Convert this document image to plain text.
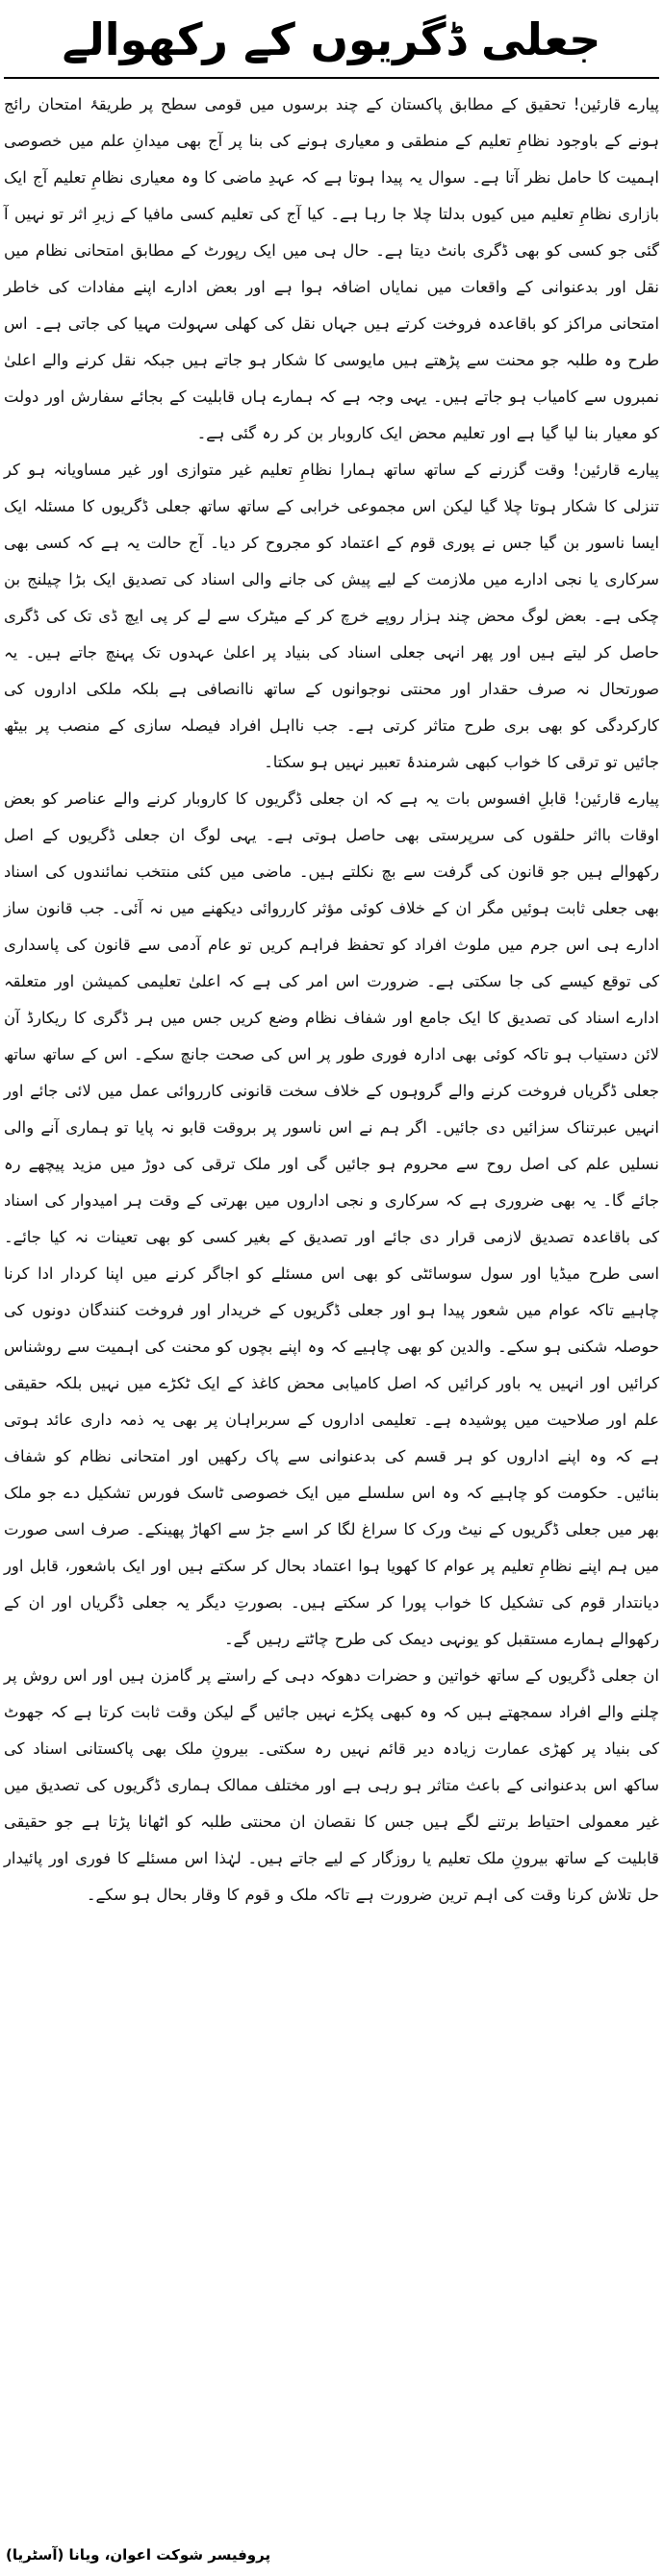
جعلی ڈگریوں کے رکھوالے

پیارے قارئین! تحقیق کے مطابق پاکستان کے چند برسوں میں قومی سطح پر طریقۂ امتحان رائج ہونے کے باوجود نظامِ تعلیم کے منطقی و معیاری ہونے کی بنا پر آج بھی میدانِ علم میں خصوصی اہمیت کا حامل نظر آتا ہے۔ سوال یہ پیدا ہوتا ہے کہ عہدِ ماضی کا وہ معیاری نظامِ تعلیم آج ایک بازاری نظامِ تعلیم میں کیوں بدلتا چلا جا رہا ہے۔ کیا آج کی تعلیم کسی مافیا کے زیرِ اثر تو نہیں آ گئی جو کسی کو بھی ڈگری بانٹ دیتا ہے۔ حال ہی میں ایک رپورٹ کے مطابق امتحانی نظام میں نقل اور بدعنوانی کے واقعات میں نمایاں اضافہ ہوا ہے اور بعض ادارے اپنے مفادات کی خاطر امتحانی مراکز کو باقاعدہ فروخت کرتے ہیں جہاں نقل کی کھلی سہولت مہیا کی جاتی ہے۔ اس طرح وہ طلبہ جو محنت سے پڑھتے ہیں مایوسی کا شکار ہو جاتے ہیں جبکہ نقل کرنے والے اعلیٰ نمبروں سے کامیاب ہو جاتے ہیں۔ یہی وجہ ہے کہ ہمارے ہاں قابلیت کے بجائے سفارش اور دولت کو معیار بنا لیا گیا ہے اور تعلیم محض ایک کاروبار بن کر رہ گئی ہے۔

پیارے قارئین! وقت گزرنے کے ساتھ ساتھ ہمارا نظامِ تعلیم غیر متوازی اور غیر مساویانہ ہو کر تنزلی کا شکار ہوتا چلا گیا لیکن اس مجموعی خرابی کے ساتھ ساتھ جعلی ڈگریوں کا مسئلہ ایک ایسا ناسور بن گیا جس نے پوری قوم کے اعتماد کو مجروح کر دیا۔ آج حالت یہ ہے کہ کسی بھی سرکاری یا نجی ادارے میں ملازمت کے لیے پیش کی جانے والی اسناد کی تصدیق ایک بڑا چیلنج بن چکی ہے۔ بعض لوگ محض چند ہزار روپے خرچ کر کے میٹرک سے لے کر پی ایچ ڈی تک کی ڈگری حاصل کر لیتے ہیں اور پھر انہی جعلی اسناد کی بنیاد پر اعلیٰ عہدوں تک پہنچ جاتے ہیں۔ یہ صورتحال نہ صرف حقدار اور محنتی نوجوانوں کے ساتھ ناانصافی ہے بلکہ ملکی اداروں کی کارکردگی کو بھی بری طرح متاثر کرتی ہے۔ جب نااہل افراد فیصلہ سازی کے منصب پر بیٹھ جائیں تو ترقی کا خواب کبھی شرمندۂ تعبیر نہیں ہو سکتا۔

پیارے قارئین! قابلِ افسوس بات یہ ہے کہ ان جعلی ڈگریوں کا کاروبار کرنے والے عناصر کو بعض اوقات بااثر حلقوں کی سرپرستی بھی حاصل ہوتی ہے۔ یہی لوگ ان جعلی ڈگریوں کے اصل رکھوالے ہیں جو قانون کی گرفت سے بچ نکلتے ہیں۔ ماضی میں کئی منتخب نمائندوں کی اسناد بھی جعلی ثابت ہوئیں مگر ان کے خلاف کوئی مؤثر کارروائی دیکھنے میں نہ آئی۔ جب قانون ساز ادارے ہی اس جرم میں ملوث افراد کو تحفظ فراہم کریں تو عام آدمی سے قانون کی پاسداری کی توقع کیسے کی جا سکتی ہے۔ ضرورت اس امر کی ہے کہ اعلیٰ تعلیمی کمیشن اور متعلقہ ادارے اسناد کی تصدیق کا ایک جامع اور شفاف نظام وضع کریں جس میں ہر ڈگری کا ریکارڈ آن لائن دستیاب ہو تاکہ کوئی بھی ادارہ فوری طور پر اس کی صحت جانچ سکے۔ اس کے ساتھ ساتھ جعلی ڈگریاں فروخت کرنے والے گروہوں کے خلاف سخت قانونی کارروائی عمل میں لائی جائے اور انہیں عبرتناک سزائیں دی جائیں۔ اگر ہم نے اس ناسور پر بروقت قابو نہ پایا تو ہماری آنے والی نسلیں علم کی اصل روح سے محروم ہو جائیں گی اور ملک ترقی کی دوڑ میں مزید پیچھے رہ جائے گا۔ یہ بھی ضروری ہے کہ سرکاری و نجی اداروں میں بھرتی کے وقت ہر امیدوار کی اسناد کی باقاعدہ تصدیق لازمی قرار دی جائے اور تصدیق کے بغیر کسی کو بھی تعینات نہ کیا جائے۔ اسی طرح میڈیا اور سول سوسائٹی کو بھی اس مسئلے کو اجاگر کرنے میں اپنا کردار ادا کرنا چاہیے تاکہ عوام میں شعور پیدا ہو اور جعلی ڈگریوں کے خریدار اور فروخت کنندگان دونوں کی حوصلہ شکنی ہو سکے۔ والدین کو بھی چاہیے کہ وہ اپنے بچوں کو محنت کی اہمیت سے روشناس کرائیں اور انہیں یہ باور کرائیں کہ اصل کامیابی محض کاغذ کے ایک ٹکڑے میں نہیں بلکہ حقیقی علم اور صلاحیت میں پوشیدہ ہے۔ تعلیمی اداروں کے سربراہان پر بھی یہ ذمہ داری عائد ہوتی ہے کہ وہ اپنے اداروں کو ہر قسم کی بدعنوانی سے پاک رکھیں اور امتحانی نظام کو شفاف بنائیں۔ حکومت کو چاہیے کہ وہ اس سلسلے میں ایک خصوصی ٹاسک فورس تشکیل دے جو ملک بھر میں جعلی ڈگریوں کے نیٹ ورک کا سراغ لگا کر اسے جڑ سے اکھاڑ پھینکے۔ صرف اسی صورت میں ہم اپنے نظامِ تعلیم پر عوام کا کھویا ہوا اعتماد بحال کر سکتے ہیں اور ایک باشعور، قابل اور دیانتدار قوم کی تشکیل کا خواب پورا کر سکتے ہیں۔ بصورتِ دیگر یہ جعلی ڈگریاں اور ان کے رکھوالے ہمارے مستقبل کو یونہی دیمک کی طرح چاٹتے رہیں گے۔

ان جعلی ڈگریوں کے ساتھ خواتین و حضرات دھوکہ دہی کے راستے پر گامزن ہیں اور اس روش پر چلنے والے افراد سمجھتے ہیں کہ وہ کبھی پکڑے نہیں جائیں گے لیکن وقت ثابت کرتا ہے کہ جھوٹ کی بنیاد پر کھڑی عمارت زیادہ دیر قائم نہیں رہ سکتی۔ بیرونِ ملک بھی پاکستانی اسناد کی ساکھ اس بدعنوانی کے باعث متاثر ہو رہی ہے اور مختلف ممالک ہماری ڈگریوں کی تصدیق میں غیر معمولی احتیاط برتنے لگے ہیں جس کا نقصان ان محنتی طلبہ کو اٹھانا پڑتا ہے جو حقیقی قابلیت کے ساتھ بیرونِ ملک تعلیم یا روزگار کے لیے جاتے ہیں۔ لہٰذا اس مسئلے کا فوری اور پائیدار حل تلاش کرنا وقت کی اہم ترین ضرورت ہے تاکہ ملک و قوم کا وقار بحال ہو سکے۔

پروفیسر شوکت اعوان، ویانا (آسٹریا)
